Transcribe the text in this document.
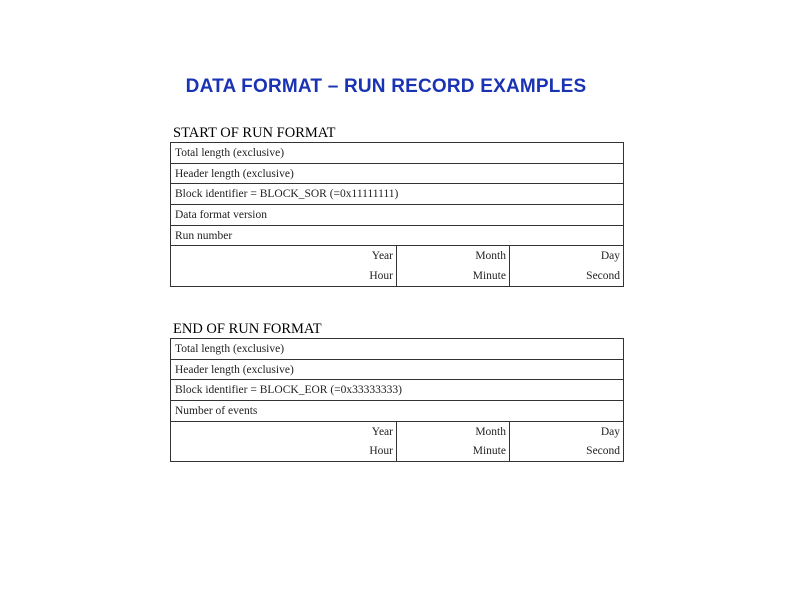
DATA FORMAT – RUN RECORD EXAMPLES
START OF RUN FORMAT
Total length (exclusive)		
Header length (exclusive)		
Block identifier = BLOCK_SOR (=0x11111111)		
Data format version		
Run number		
Year	Month	Day
Hour	Minute	Second
END OF RUN FORMAT
Total length (exclusive)		
Header length (exclusive)		
Block identifier = BLOCK_EOR (=0x33333333)		
Number of events		
Year	Month	Day
Hour	Minute	Second
